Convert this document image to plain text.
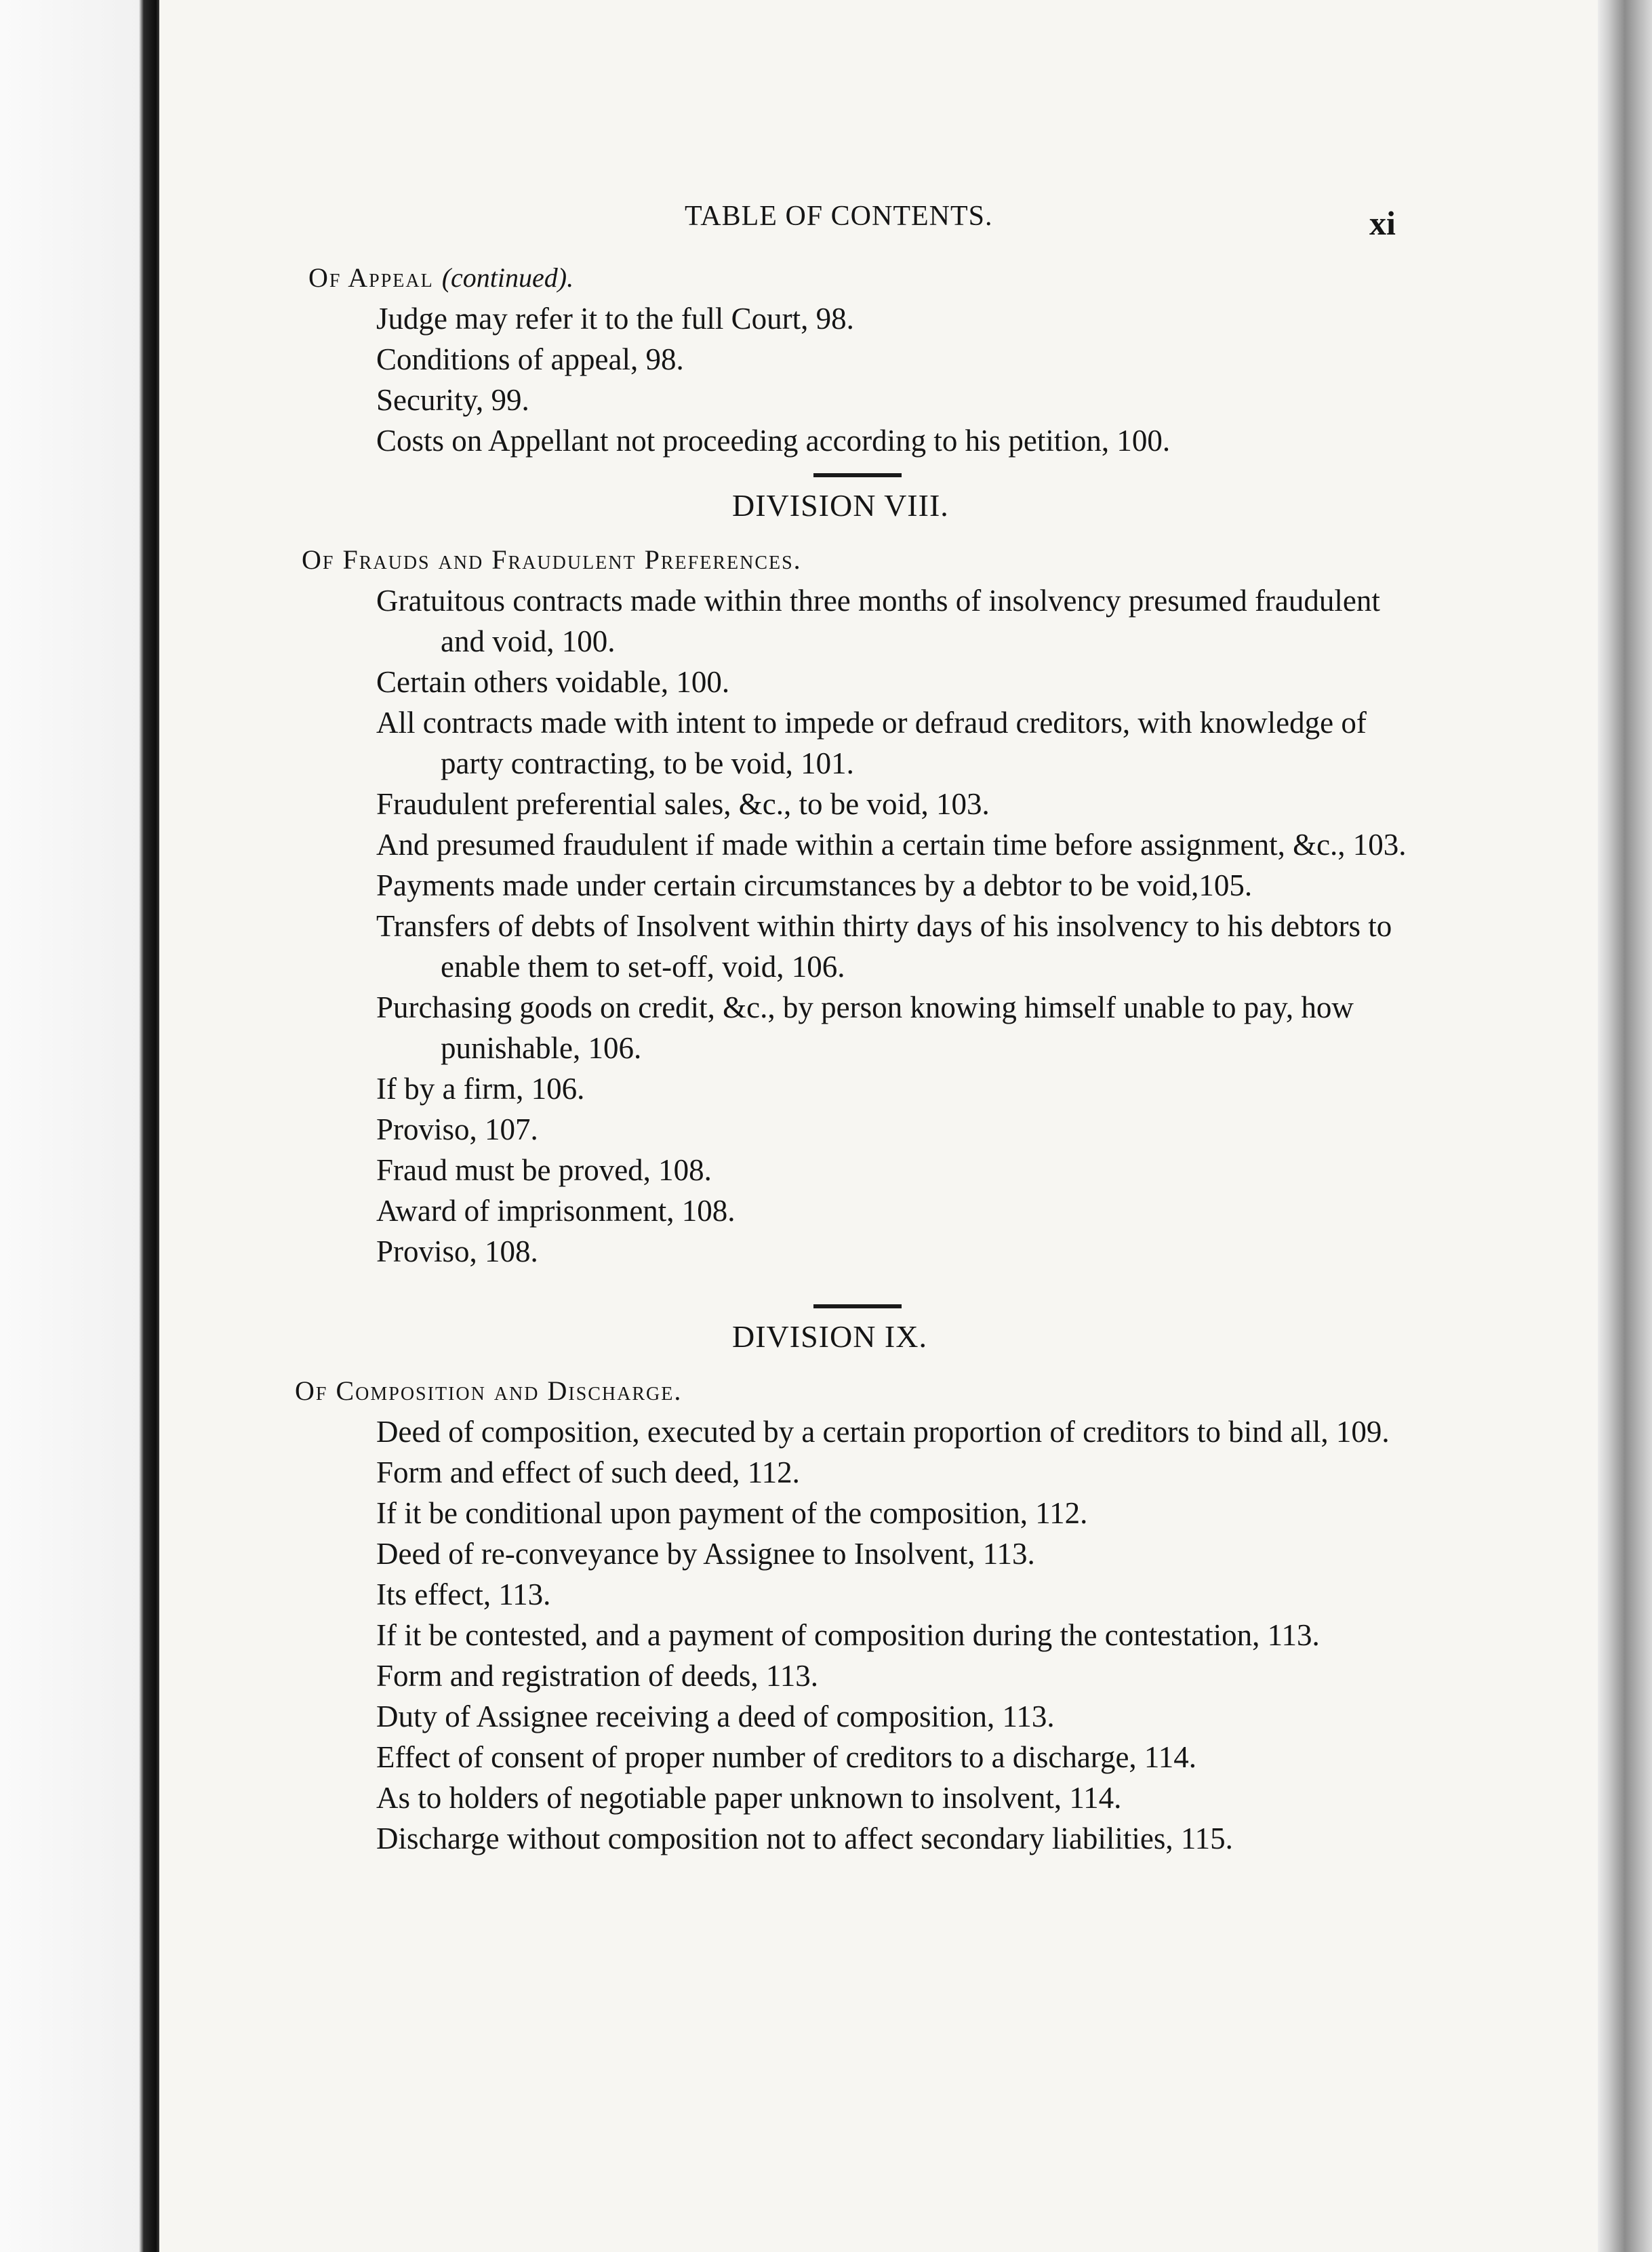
TABLE OF CONTENTS.	xi

Of Appeal (continued).

Judge may refer it to the full Court, 98.

Conditions of appeal, 98.

Security, 99.

Costs on Appellant not proceeding according to his petition, 100.

DIVISION VIII.

Of Frauds and Fraudulent Preferences.

Gratuitous contracts made within three months of insolvency presumed fraudulent and void, 100.

Certain others voidable, 100.

All contracts made with intent to impede or defraud creditors, with knowledge of party contracting, to be void, 101.

Fraudulent preferential sales, &c., to be void, 103.

And presumed fraudulent if made within a certain time before assignment, &c., 103.

Payments made under certain circumstances by a debtor to be void,105.

Transfers of debts of Insolvent within thirty days of his insolvency to his debtors to enable them to set-off, void, 106.

Purchasing goods on credit, &c., by person knowing himself unable to pay, how punishable, 106.

If by a firm, 106.

Proviso, 107.

Fraud must be proved, 108.

Award of imprisonment, 108.

Proviso, 108.

DIVISION IX.

Of Composition and Discharge.

Deed of composition, executed by a certain proportion of creditors to bind all, 109.

Form and effect of such deed, 112.

If it be conditional upon payment of the composition, 112.

Deed of re-conveyance by Assignee to Insolvent, 113.

Its effect, 113.

If it be contested, and a payment of composition during the contestation, 113.

Form and registration of deeds, 113.

Duty of Assignee receiving a deed of composition, 113.

Effect of consent of proper number of creditors to a discharge, 114.

As to holders of negotiable paper unknown to insolvent, 114.

Discharge without composition not to affect secondary liabilities, 115.
